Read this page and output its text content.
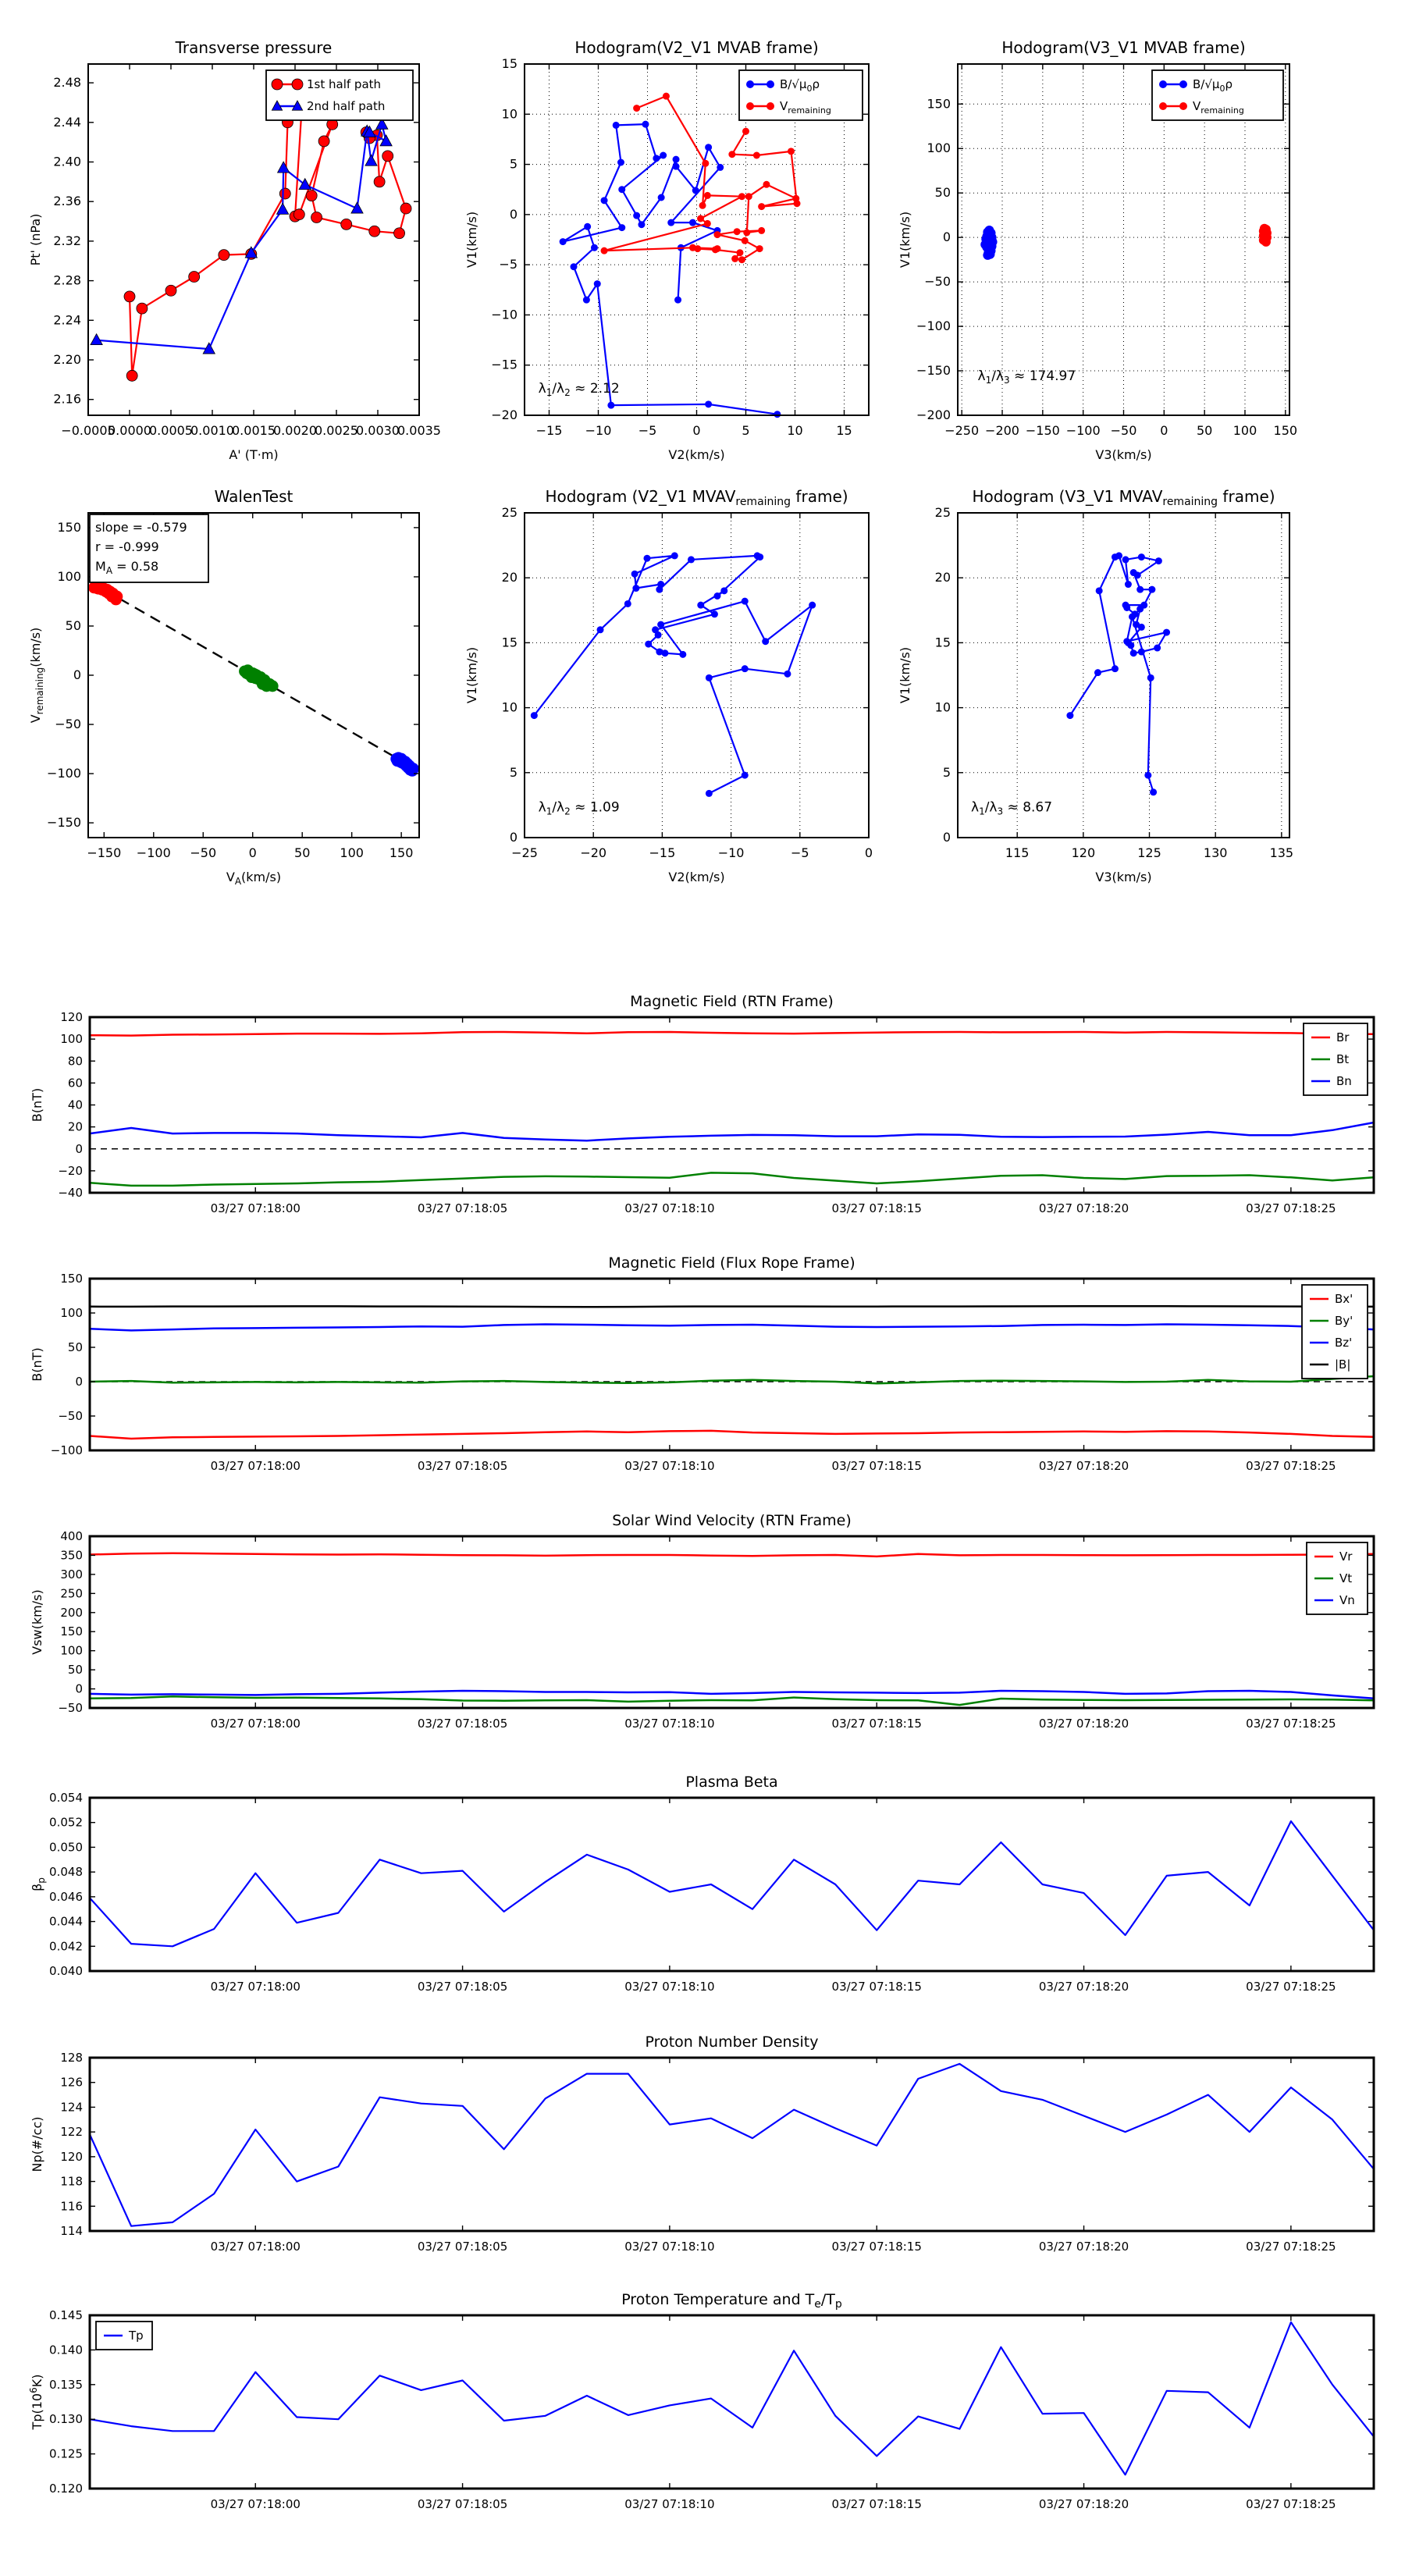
−0.0005
0.0000
0.0005
0.0010
0.0015
0.0020
0.0025
0.0030
0.0035
2.16
2.20
2.24
2.28
2.32
2.36
2.40
2.44
2.48
Transverse pressure
A' (T·m)
Pt' (nPa)
1st half path
2nd half path
−15 −10 −5	0	5	10	15
−20
−15
−10
−5
0
5
10
15
Hodogram(V2_V1 MVAB frame)
V2(km/s)
V1(km/s)
$\lambda_1/\lambda_2 \approx 2.12$
$B/√\mu_0\rho$
$V_{remaining}$
−250 −200 −150 −100 −50 0 50 100 150
−200
−150
−100
−50
0
50
100
150
Hodogram(V3_V1 MVAB frame)
V3(km/s)
V1(km/s)
$\lambda_1/\lambda_3 \approx 174.97$
$B/√\mu_0\rho$
$V_{remaining}$
−150 −100 −50	0	50 100 150
−150
−100
−50
0
50
100
150
WalenTest
$V_A(km/s)$
$V_{remaining}(km/s)$
slope = -0.579
r = -0.999
$M_A = 0.58$
−25	−20	−15	−10	−5	0
0
5
10
15
20
25
Hodogram (V2_V1 $MVAV_{remaining}$ frame)
V2(km/s)
V1(km/s)
$\lambda_1/\lambda_2 \approx 1.09$
115	120	125	130	135
0
5
10
15
20
25
Hodogram (V3_V1 $MVAV_{remaining}$ frame)
V3(km/s)
V1(km/s)
$\lambda_1/\lambda_3 \approx 8.67$
03/27 07:18:00	03/27 07:18:05	03/27 07:18:10	03/27 07:18:15	03/27 07:18:20	03/27 07:18:25
−40
−20
0
20
40
60
80
100
120
Magnetic Field (RTN Frame)
B(nT)
Br
Bt
Bn
03/27 07:18:00	03/27 07:18:05	03/27 07:18:10	03/27 07:18:15	03/27 07:18:20	03/27 07:18:25
−100
−50
0
50
100
150
Magnetic Field (Flux Rope Frame)
B(nT)
Bx'
By'
Bz'
|B|
03/27 07:18:00	03/27 07:18:05	03/27 07:18:10	03/27 07:18:15	03/27 07:18:20	03/27 07:18:25
−50
0
50
100
150
200
250
300
350
400
Solar Wind Velocity (RTN Frame)
Vsw(km/s)
Vr
Vt
Vn
03/27 07:18:00	03/27 07:18:05	03/27 07:18:10	03/27 07:18:15	03/27 07:18:20	03/27 07:18:25
0.040
0.042
0.044
0.046
0.048
0.050
0.052
0.054
Plasma Beta
$\beta_p$
03/27 07:18:00	03/27 07:18:05	03/27 07:18:10	03/27 07:18:15	03/27 07:18:20	03/27 07:18:25
114
116
118
120
122
124
126
128
Proton Number Density
Np(#/cc)
03/27 07:18:00	03/27 07:18:05	03/27 07:18:10	03/27 07:18:15	03/27 07:18:20	03/27 07:18:25
0.120
0.125
0.130
0.135
0.140
0.145
Proton Temperature and $T_e/T_p$
$Tp(10^6K)$
Tp
